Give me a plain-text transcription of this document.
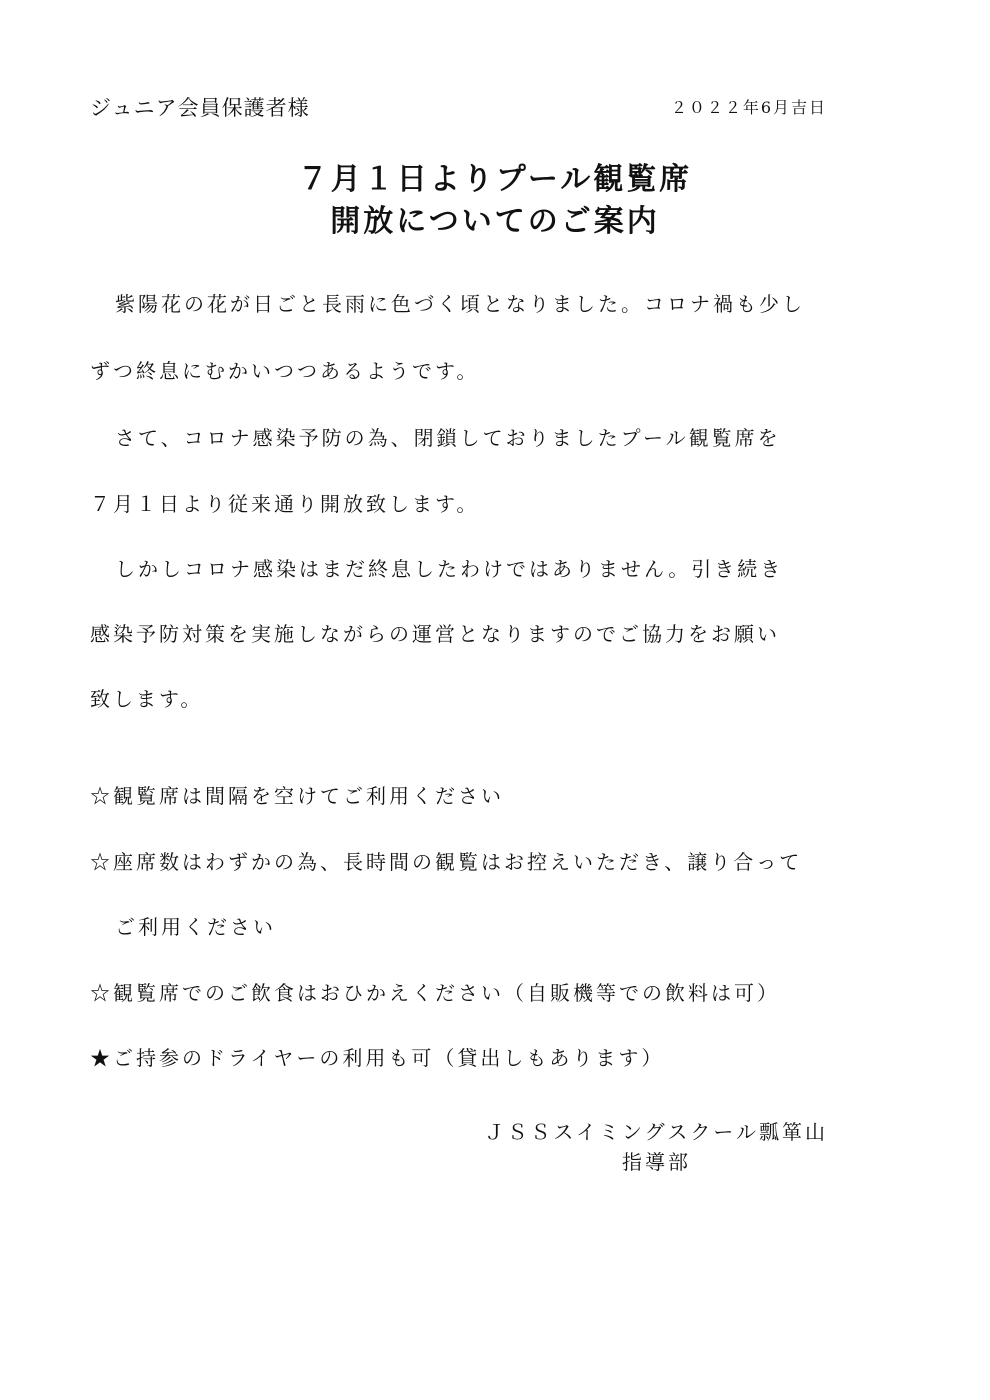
ジュニア会員保護者様	２０２２年6月吉日
７月１日よりプール観覧席
開放についてのご案内
紫陽花の花が日ごと長雨に色づく頃となりました。コロナ禍も少し
ずつ終息にむかいつつあるようです。
さて、コロナ感染予防の為、閉鎖しておりましたプール観覧席を
７月１日より従来通り開放致します。
しかしコロナ感染はまだ終息したわけではありません。引き続き
感染予防対策を実施しながらの運営となりますのでご協力をお願い
致します。
☆観覧席は間隔を空けてご利用ください
☆座席数はわずかの為、長時間の観覧はお控えいただき、譲り合って
ご利用ください
☆観覧席でのご飲食はおひかえください（自販機等での飲料は可）
★ご持参のドライヤーの利用も可（貸出しもあります）
ＪＳＳスイミングスクール瓢箪山
指導部
